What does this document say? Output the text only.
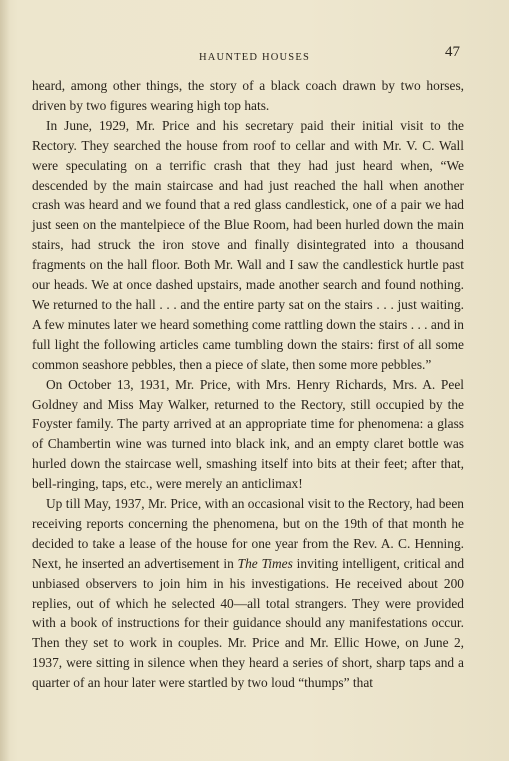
HAUNTED HOUSES	47

heard, among other things, the story of a black coach drawn by two horses, driven by two figures wearing high top hats.

In June, 1929, Mr. Price and his secretary paid their initial visit to the Rectory. They searched the house from roof to cellar and with Mr. V. C. Wall were speculating on a terrific crash that they had just heard when, “We descended by the main staircase and had just reached the hall when another crash was heard and we found that a red glass candlestick, one of a pair we had just seen on the mantelpiece of the Blue Room, had been hurled down the main stairs, had struck the iron stove and finally disintegrated into a thousand fragments on the hall floor. Both Mr. Wall and I saw the candlestick hurtle past our heads. We at once dashed upstairs, made another search and found nothing. We returned to the hall . . . and the entire party sat on the stairs . . . just waiting. A few minutes later we heard something come rattling down the stairs . . . and in full light the following articles came tumbling down the stairs: first of all some common seashore pebbles, then a piece of slate, then some more pebbles.”

On October 13, 1931, Mr. Price, with Mrs. Henry Richards, Mrs. A. Peel Goldney and Miss May Walker, returned to the Rectory, still occupied by the Foyster family. The party arrived at an appropriate time for phenomena: a glass of Chambertin wine was turned into black ink, and an empty claret bottle was hurled down the staircase well, smashing itself into bits at their feet; after that, bell-ringing, taps, etc., were merely an anticlimax!

Up till May, 1937, Mr. Price, with an occasional visit to the Rectory, had been receiving reports concerning the phenomena, but on the 19th of that month he decided to take a lease of the house for one year from the Rev. A. C. Henning. Next, he inserted an advertisement in The Times inviting intelligent, critical and unbiased observers to join him in his investigations. He received about 200 replies, out of which he selected 40—all total strangers. They were provided with a book of instructions for their guidance should any manifestations occur. Then they set to work in couples. Mr. Price and Mr. Ellic Howe, on June 2, 1937, were sitting in silence when they heard a series of short, sharp taps and a quarter of an hour later were startled by two loud “thumps” that
